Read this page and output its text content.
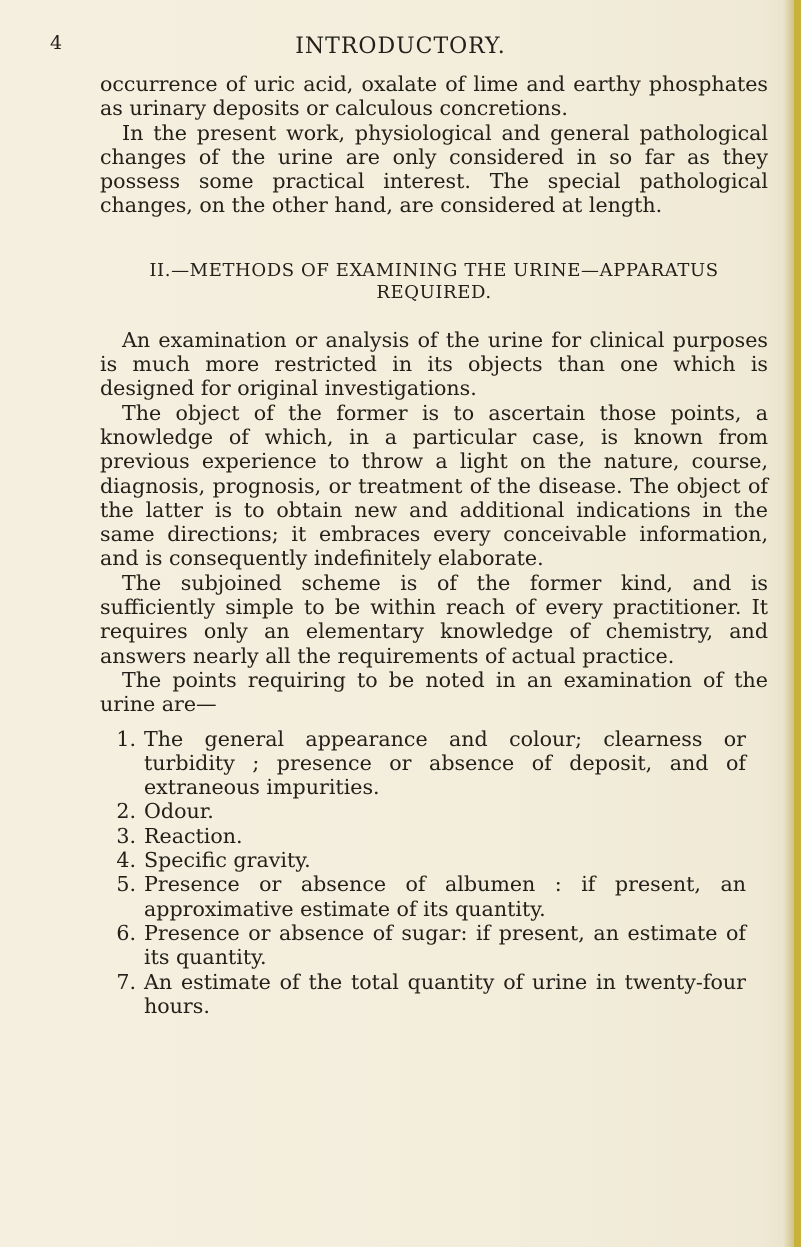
4	INTRODUCTORY.

occurrence of uric acid, oxalate of lime and earthy phosphates as urinary deposits or calculous concretions.

In the present work, physiological and general pathological changes of the urine are only considered in so far as they possess some practical interest. The special pathological changes, on the other hand, are considered at length.

II.—METHODS OF EXAMINING THE URINE—APPARATUS
REQUIRED.

An examination or analysis of the urine for clinical purposes is much more restricted in its objects than one which is designed for original investigations.

The object of the former is to ascertain those points, a knowledge of which, in a particular case, is known from previous experience to throw a light on the nature, course, diagnosis, prognosis, or treatment of the disease. The object of the latter is to obtain new and additional indications in the same directions; it embraces every conceivable information, and is consequently indefinitely elaborate.

The subjoined scheme is of the former kind, and is sufficiently simple to be within reach of every practitioner. It requires only an elementary knowledge of chemistry, and answers nearly all the requirements of actual practice.

The points requiring to be noted in an examination of the urine are—

1. The general appearance and colour; clearness or turbidity ; presence or absence of deposit, and of extraneous impurities.
2. Odour.
3. Reaction.
4. Specific gravity.
5. Presence or absence of albumen : if present, an approximative estimate of its quantity.
6. Presence or absence of sugar: if present, an estimate of its quantity.
7. An estimate of the total quantity of urine in twenty-four hours.
